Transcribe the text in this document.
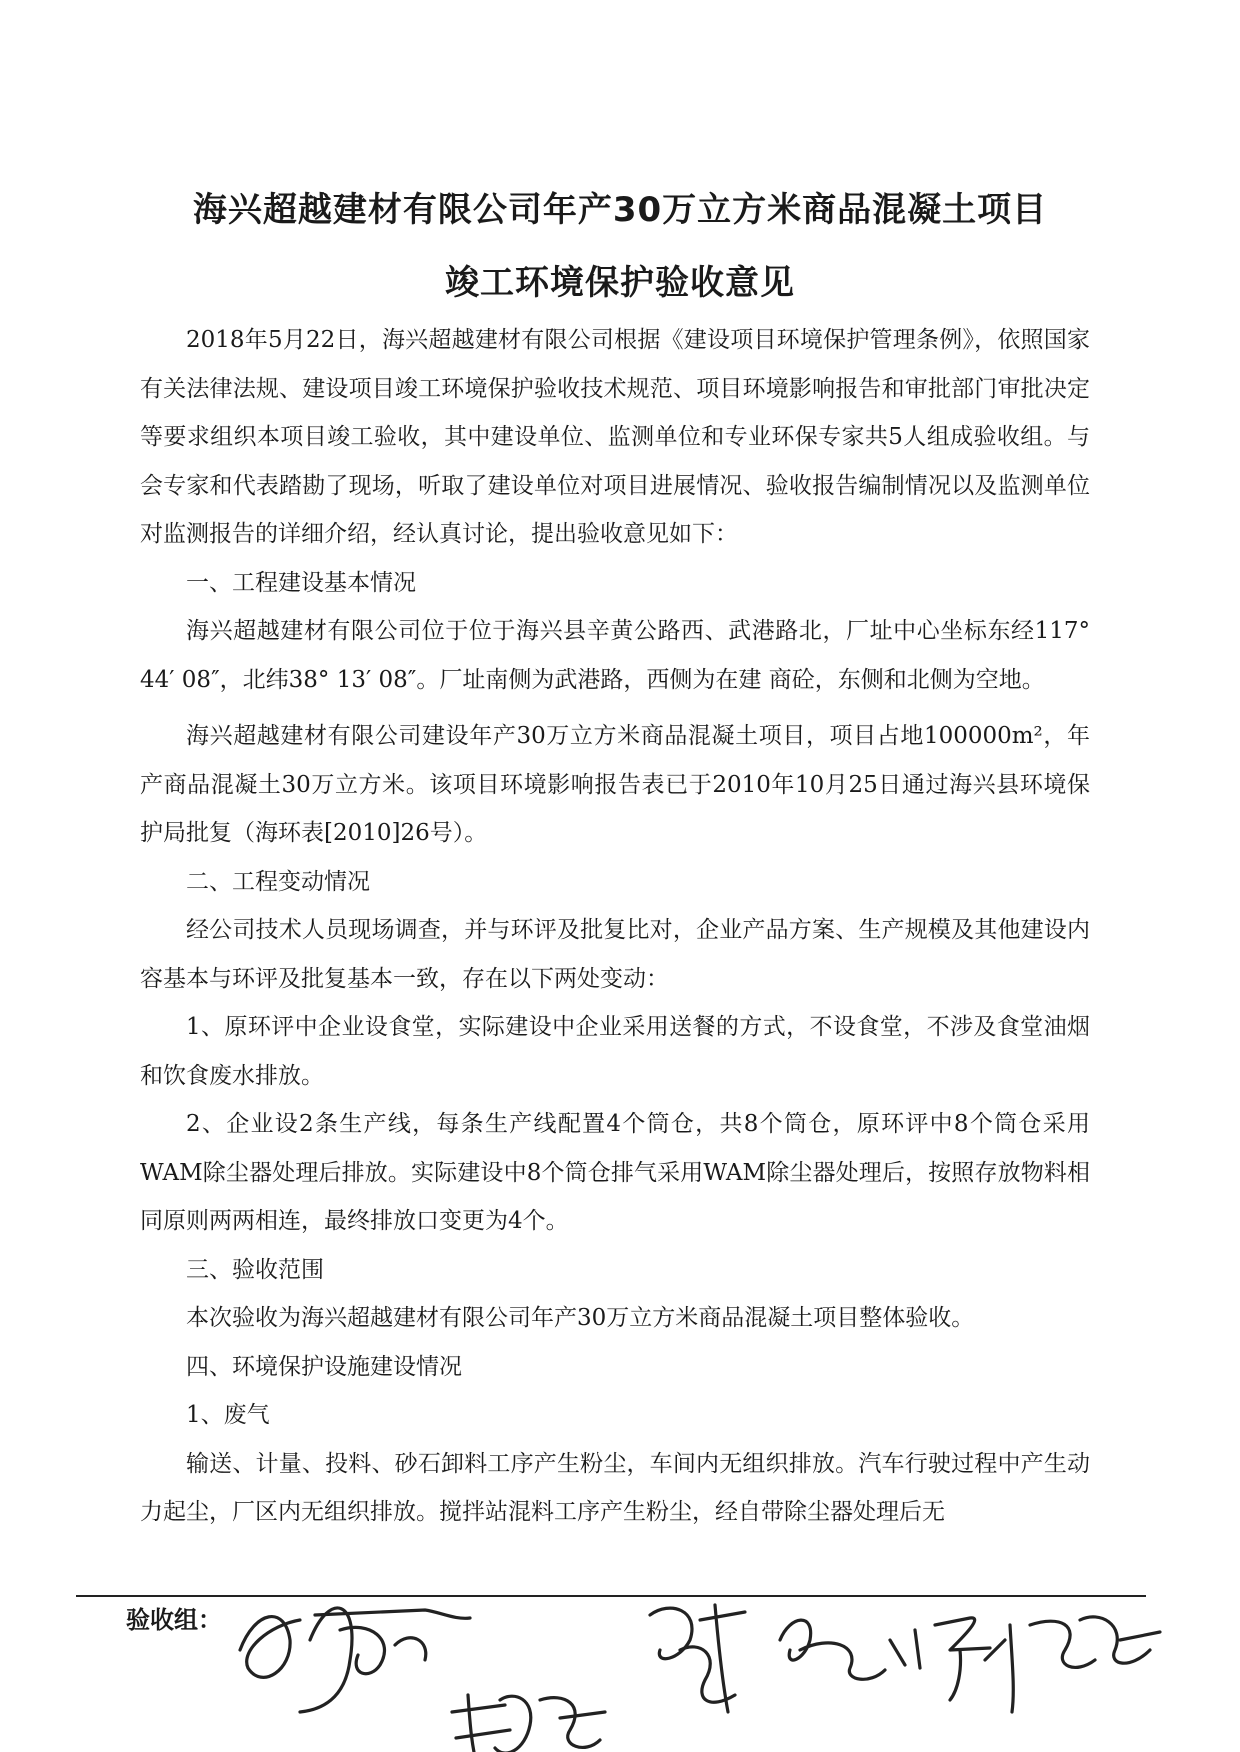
海兴超越建材有限公司年产30万立方米商品混凝土项目
竣工环境保护验收意见

2018年5月22日，海兴超越建材有限公司根据《建设项目环境保护管理条例》，依照国家有关法律法规、建设项目竣工环境保护验收技术规范、项目环境影响报告和审批部门审批决定等要求组织本项目竣工验收，其中建设单位、监测单位和专业环保专家共5人组成验收组。与会专家和代表踏勘了现场，听取了建设单位对项目进展情况、验收报告编制情况以及监测单位对监测报告的详细介绍，经认真讨论，提出验收意见如下：

一、工程建设基本情况

海兴超越建材有限公司位于位于海兴县辛黄公路西、武港路北，厂址中心坐标东经117° 44′ 08″，北纬38° 13′ 08″。厂址南侧为武港路，西侧为在建 商砼，东侧和北侧为空地。

海兴超越建材有限公司建设年产30万立方米商品混凝土项目，项目占地100000m²，年产商品混凝土30万立方米。该项目环境影响报告表已于2010年10月25日通过海兴县环境保护局批复（海环表[2010]26号）。

二、工程变动情况

经公司技术人员现场调查，并与环评及批复比对，企业产品方案、生产规模及其他建设内容基本与环评及批复基本一致，存在以下两处变动：

1、原环评中企业设食堂，实际建设中企业采用送餐的方式，不设食堂，不涉及食堂油烟和饮食废水排放。

2、企业设2条生产线，每条生产线配置4个筒仓，共8个筒仓，原环评中8个筒仓采用WAM除尘器处理后排放。实际建设中8个筒仓排气采用WAM除尘器处理后，按照存放物料相同原则两两相连，最终排放口变更为4个。

三、验收范围

本次验收为海兴超越建材有限公司年产30万立方米商品混凝土项目整体验收。

四、环境保护设施建设情况

1、废气

输送、计量、投料、砂石卸料工序产生粉尘，车间内无组织排放。汽车行驶过程中产生动力起尘，厂区内无组织排放。搅拌站混料工序产生粉尘，经自带除尘器处理后无

验收组：
